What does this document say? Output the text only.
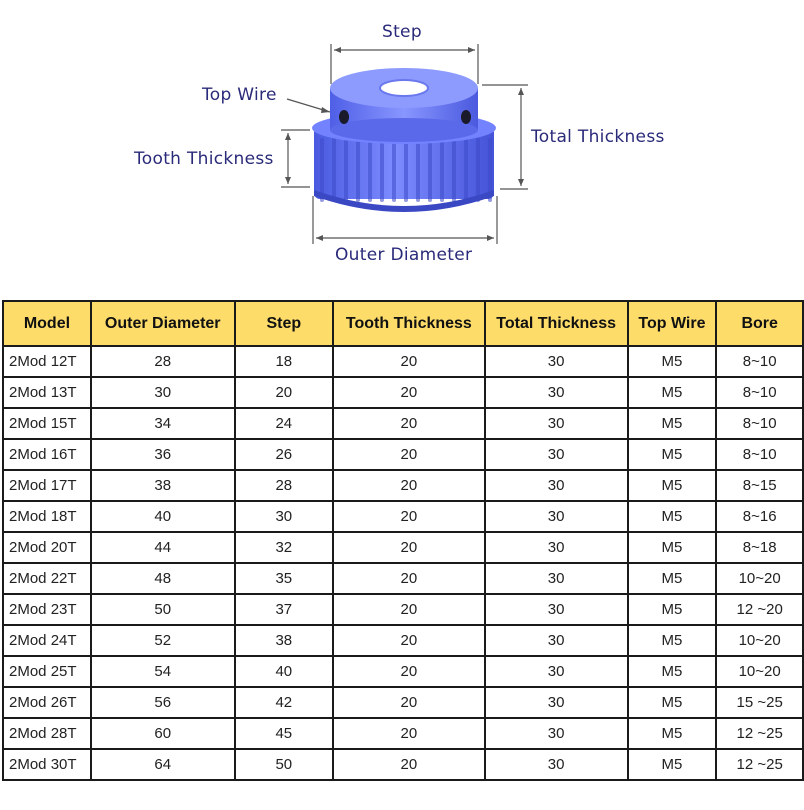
Step
Top Wire
Total Thickness
Tooth Thickness
Outer Diameter
Model	Outer Diameter	Step	Tooth Thickness	Total Thickness	Top Wire	Bore
2Mod 12T	28	18	20	30	M5	8~10
2Mod 13T	30	20	20	30	M5	8~10
2Mod 15T	34	24	20	30	M5	8~10
2Mod 16T	36	26	20	30	M5	8~10
2Mod 17T	38	28	20	30	M5	8~15
2Mod 18T	40	30	20	30	M5	8~16
2Mod 20T	44	32	20	30	M5	8~18
2Mod 22T	48	35	20	30	M5	10~20
2Mod 23T	50	37	20	30	M5	12 ~20
2Mod 24T	52	38	20	30	M5	10~20
2Mod 25T	54	40	20	30	M5	10~20
2Mod 26T	56	42	20	30	M5	15 ~25
2Mod 28T	60	45	20	30	M5	12 ~25
2Mod 30T	64	50	20	30	M5	12 ~25
